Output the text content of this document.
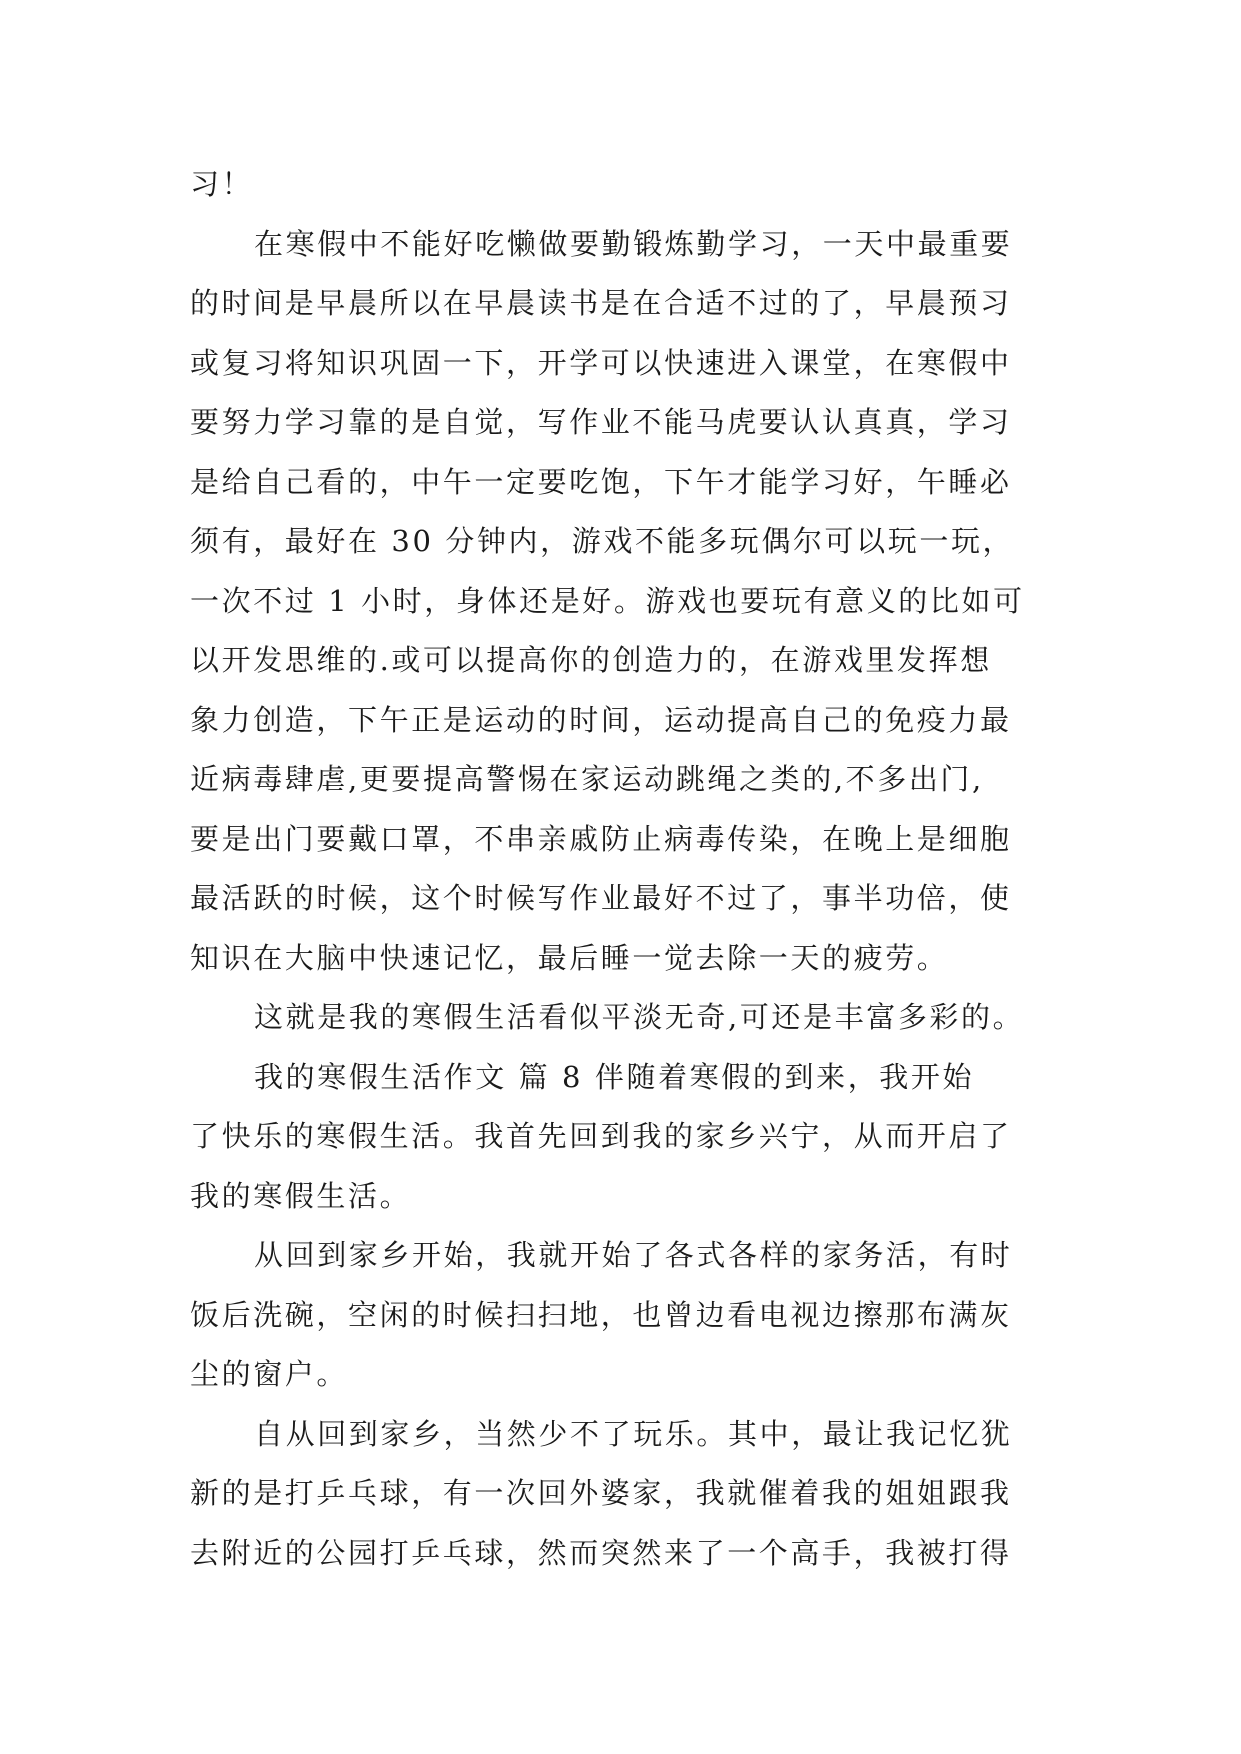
习！
在寒假中不能好吃懒做要勤锻炼勤学习，一天中最重要
的时间是早晨所以在早晨读书是在合适不过的了，早晨预习
或复习将知识巩固一下，开学可以快速进入课堂，在寒假中
要努力学习靠的是自觉，写作业不能马虎要认认真真，学习
是给自己看的，中午一定要吃饱，下午才能学习好，午睡必
须有，最好在 30 分钟内，游戏不能多玩偶尔可以玩一玩，
一次不过 1 小时，身体还是好。游戏也要玩有意义的比如可
以开发思维的.或可以提高你的创造力的，在游戏里发挥想
象力创造，下午正是运动的时间，运动提高自己的免疫力最
近病毒肆虐,更要提高警惕在家运动跳绳之类的,不多出门,
要是出门要戴口罩，不串亲戚防止病毒传染，在晚上是细胞
最活跃的时候，这个时候写作业最好不过了，事半功倍，使
知识在大脑中快速记忆，最后睡一觉去除一天的疲劳。
这就是我的寒假生活看似平淡无奇,可还是丰富多彩的。
我的寒假生活作文 篇 8 伴随着寒假的到来，我开始
了快乐的寒假生活。我首先回到我的家乡兴宁，从而开启了
我的寒假生活。
从回到家乡开始，我就开始了各式各样的家务活，有时
饭后洗碗，空闲的时候扫扫地，也曾边看电视边擦那布满灰
尘的窗户。
自从回到家乡，当然少不了玩乐。其中，最让我记忆犹
新的是打乒乓球，有一次回外婆家，我就催着我的姐姐跟我
去附近的公园打乒乓球，然而突然来了一个高手，我被打得
